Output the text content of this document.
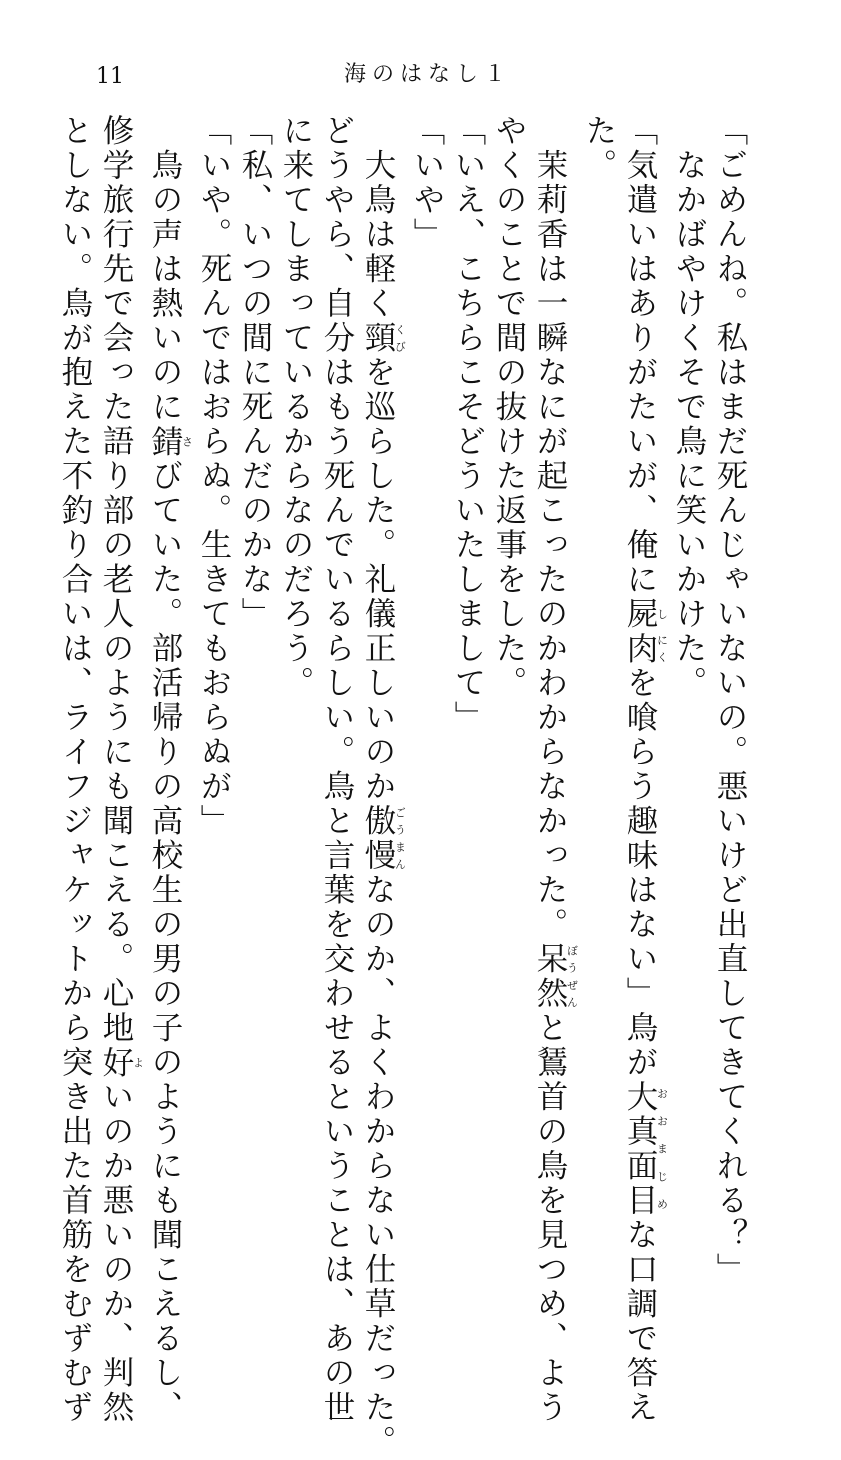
11	海のはなし１
「ごめんね。私はまだ死んじゃいないの。悪いけど出直してきてくれる？」
　なかばやけくそで鳥に笑いかけた。
「気遣いはありがたいが、俺に屍し肉にくを喰らう趣味はない」鳥が大真面目おおまじめな口調で答え
た。
　茉莉香は一瞬なにが起こったのかわからなかった。呆然ぼうぜんと鵟首の鳥を見つめ、よう
やくのことで間の抜けた返事をした。
「いえ、こちらこそどういたしまして」
「いや」
　大鳥は軽く頸くびを巡らした。礼儀正しいのか傲慢ごうまんなのか、よくわからない仕草だった。
どうやら、自分はもう死んでいるらしい。鳥と言葉を交わせるということは、あの世
に来てしまっているからなのだろう。
「私、いつの間に死んだのかな」
「いや。死んではおらぬ。生きてもおらぬが」
　鳥の声は熱いのに錆さびていた。部活帰りの高校生の男の子のようにも聞こえるし、
修学旅行先で会った語り部の老人のようにも聞こえる。心地好よいのか悪いのか、判然
としない。鳥が抱えた不釣り合いは、ライフジャケットから突き出た首筋をむずむず
